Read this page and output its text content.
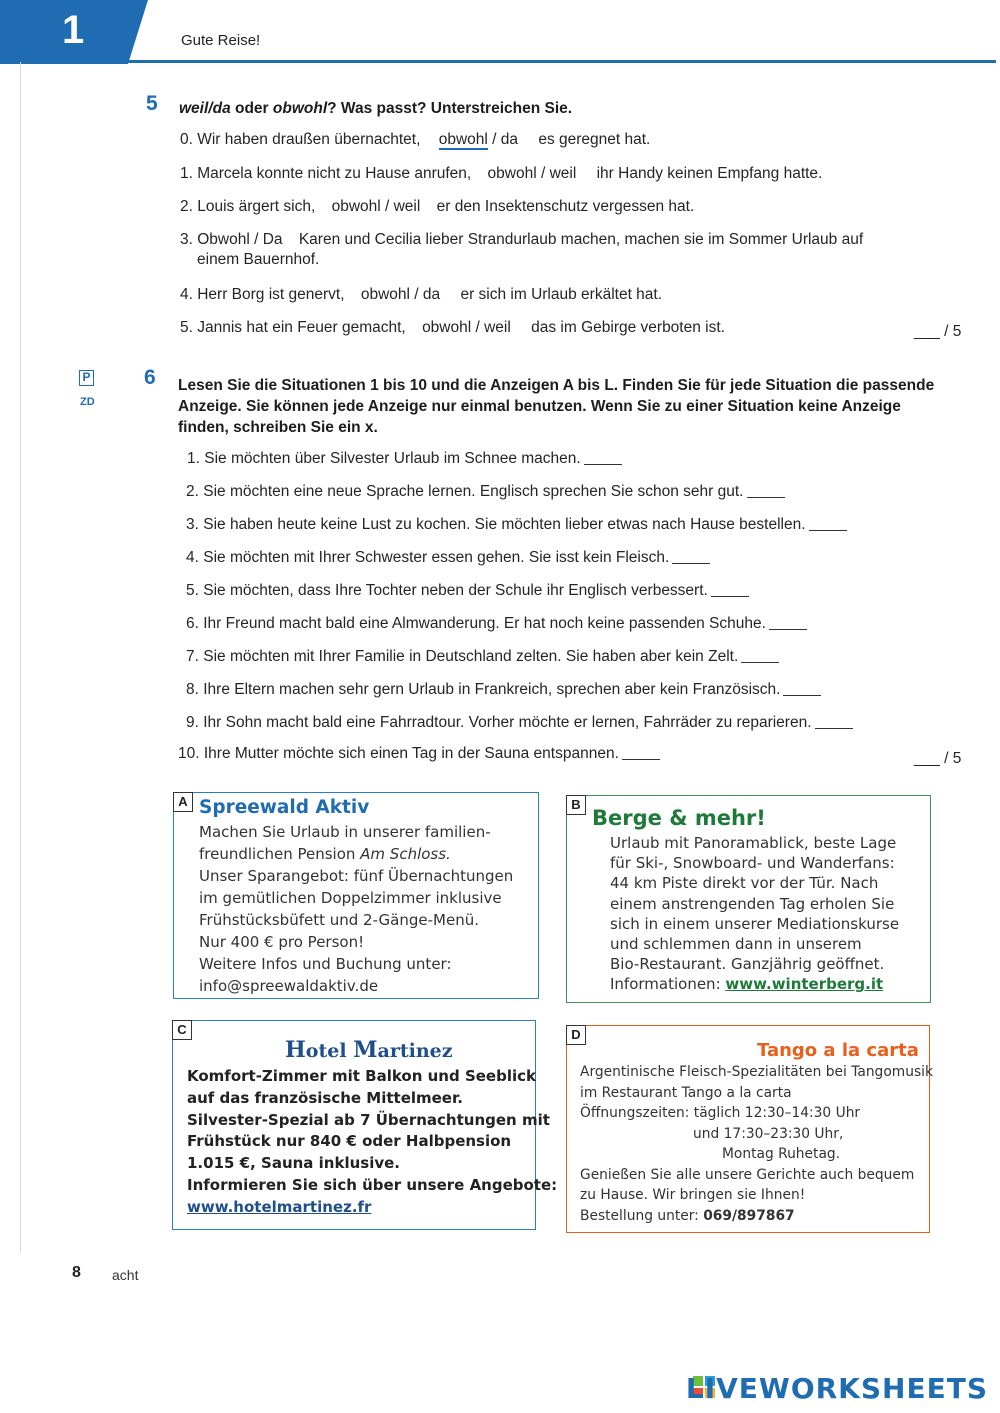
1	Gute Reise!
5 weil/da oder obwohl? Was passt? Unterstreichen Sie.
0. Wir haben draußen übernachtet, obwohl / da es geregnet hat.
1. Marcela konnte nicht zu Hause anrufen, obwohl / weil ihr Handy keinen Empfang hatte.
2. Louis ärgert sich, obwohl / weil er den Insektenschutz vergessen hat.
3. Obwohl / Da Karen und Cecilia lieber Strandurlaub machen, machen sie im Sommer Urlaub auf
einem Bauernhof.
4. Herr Borg ist genervt, obwohl / da er sich im Urlaub erkältet hat.
5. Jannis hat ein Feuer gemacht, obwohl / weil das im Gebirge verboten ist.	___ / 5
P
ZD
6 Lesen Sie die Situationen 1 bis 10 und die Anzeigen A bis L. Finden Sie für jede Situation die passende
Anzeige. Sie können jede Anzeige nur einmal benutzen. Wenn Sie zu einer Situation keine Anzeige
finden, schreiben Sie ein x.
1. Sie möchten über Silvester Urlaub im Schnee machen.
2. Sie möchten eine neue Sprache lernen. Englisch sprechen Sie schon sehr gut.
3. Sie haben heute keine Lust zu kochen. Sie möchten lieber etwas nach Hause bestellen.
4. Sie möchten mit Ihrer Schwester essen gehen. Sie isst kein Fleisch.
5. Sie möchten, dass Ihre Tochter neben der Schule ihr Englisch verbessert.
6. Ihr Freund macht bald eine Almwanderung. Er hat noch keine passenden Schuhe.
7. Sie möchten mit Ihrer Familie in Deutschland zelten. Sie haben aber kein Zelt.
8. Ihre Eltern machen sehr gern Urlaub in Frankreich, sprechen aber kein Französisch.
9. Ihr Sohn macht bald eine Fahrradtour. Vorher möchte er lernen, Fahrräder zu reparieren.
10. Ihre Mutter möchte sich einen Tag in der Sauna entspannen.	___ / 5
A Spreewald Aktiv
Machen Sie Urlaub in unserer familien-
freundlichen Pension Am Schloss.
Unser Sparangebot: fünf Übernachtungen
im gemütlichen Doppelzimmer inklusive
Frühstücksbüfett und 2-Gänge-Menü.
Nur 400 € pro Person!
Weitere Infos und Buchung unter:
info@spreewaldaktiv.de
B
Berge & mehr!
Urlaub mit Panoramablick, beste Lage
für Ski-, Snowboard- und Wanderfans:
44 km Piste direkt vor der Tür. Nach
einem anstrengenden Tag erholen Sie
sich in einem unserer Mediationskurse
und schlemmen dann in unserem
Bio-Restaurant. Ganzjährig geöffnet.
Informationen: www.winterberg.it
C
Hotel Martinez
Komfort-Zimmer mit Balkon und Seeblick
auf das französische Mittelmeer.
Silvester-Spezial ab 7 Übernachtungen mit
Frühstück nur 840 € oder Halbpension
1.015 €, Sauna inklusive.
Informieren Sie sich über unsere Angebote:
www.hotelmartinez.fr
D
Tango a la carta
Argentinische Fleisch-Spezialitäten bei Tangomusik
im Restaurant Tango a la carta
Öffnungszeiten: täglich 12:30–14:30 Uhr
und 17:30–23:30 Uhr,
Montag Ruhetag.
Genießen Sie alle unsere Gerichte auch bequem
zu Hause. Wir bringen sie Ihnen!
Bestellung unter: 069/897867
8 acht
LIVEWORKSHEETS
